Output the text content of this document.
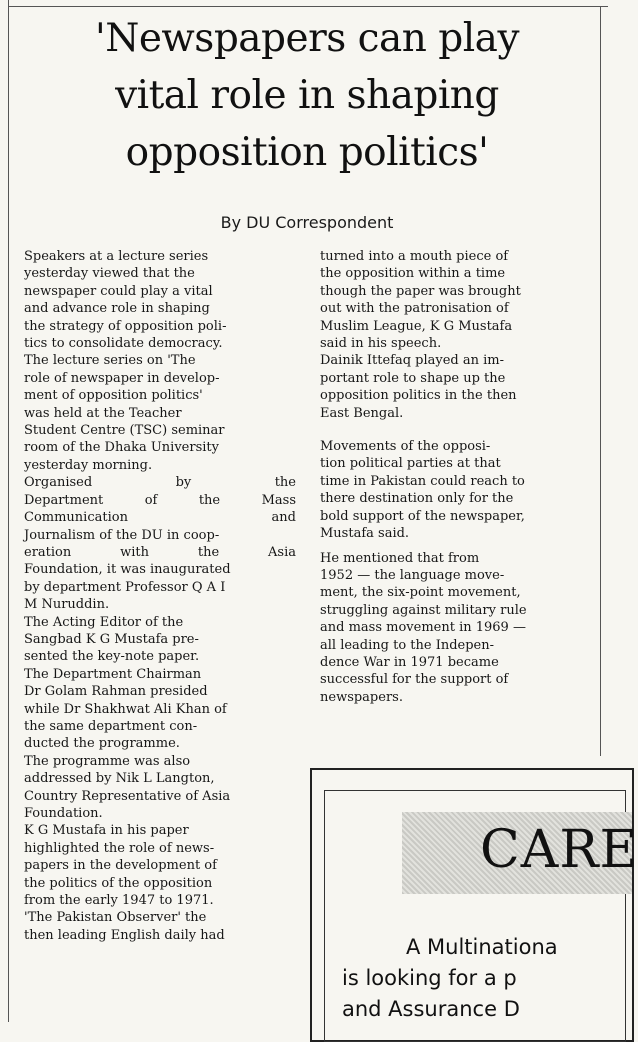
'Newspapers can play
vital role in shaping
opposition politics'
By DU Correspondent
Speakers at a lecture series
yesterday viewed that the
newspaper could play a vital
and advance role in shaping
the strategy of opposition poli-
tics to consolidate democracy.
The lecture series on 'The
role of newspaper in develop-
ment of opposition politics'
was held at the Teacher
Student Centre (TSC) seminar
room of the Dhaka University
yesterday morning.
Organised	by	the
Department	of	the	Mass
Communication	and
Journalism of the DU in coop-
eration	with	the	Asia
Foundation, it was inaugurated
by department Professor Q A I
M Nuruddin.
The Acting Editor of the
Sangbad K G Mustafa pre-
sented the key-note paper.
The Department Chairman
Dr Golam Rahman presided
while Dr Shakhwat Ali Khan of
the same department con-
ducted the programme.
The programme was also
addressed by Nik L Langton,
Country Representative of Asia
Foundation.
K G Mustafa in his paper
highlighted the role of news-
papers in the development of
the politics of the opposition
from the early 1947 to 1971.
'The Pakistan Observer' the
then leading English daily had
turned into a mouth piece of
the opposition within a time
though the paper was brought
out with the patronisation of
Muslim League, K G Mustafa
said in his speech.
Dainik Ittefaq played an im-
portant role to shape up the
opposition politics in the then
East Bengal.
Movements of the opposi-
tion political parties at that
time in Pakistan could reach to
there destination only for the
bold support of the newspaper,
Mustafa said.
He mentioned that from
1952 — the language move-
ment, the six-point movement,
struggling against military rule
and mass movement in 1969 —
all leading to the Indepen-
dence War in 1971 became
successful for the support of
newspapers.
CARE
A Multinationa
is looking for a p
and Assurance D
